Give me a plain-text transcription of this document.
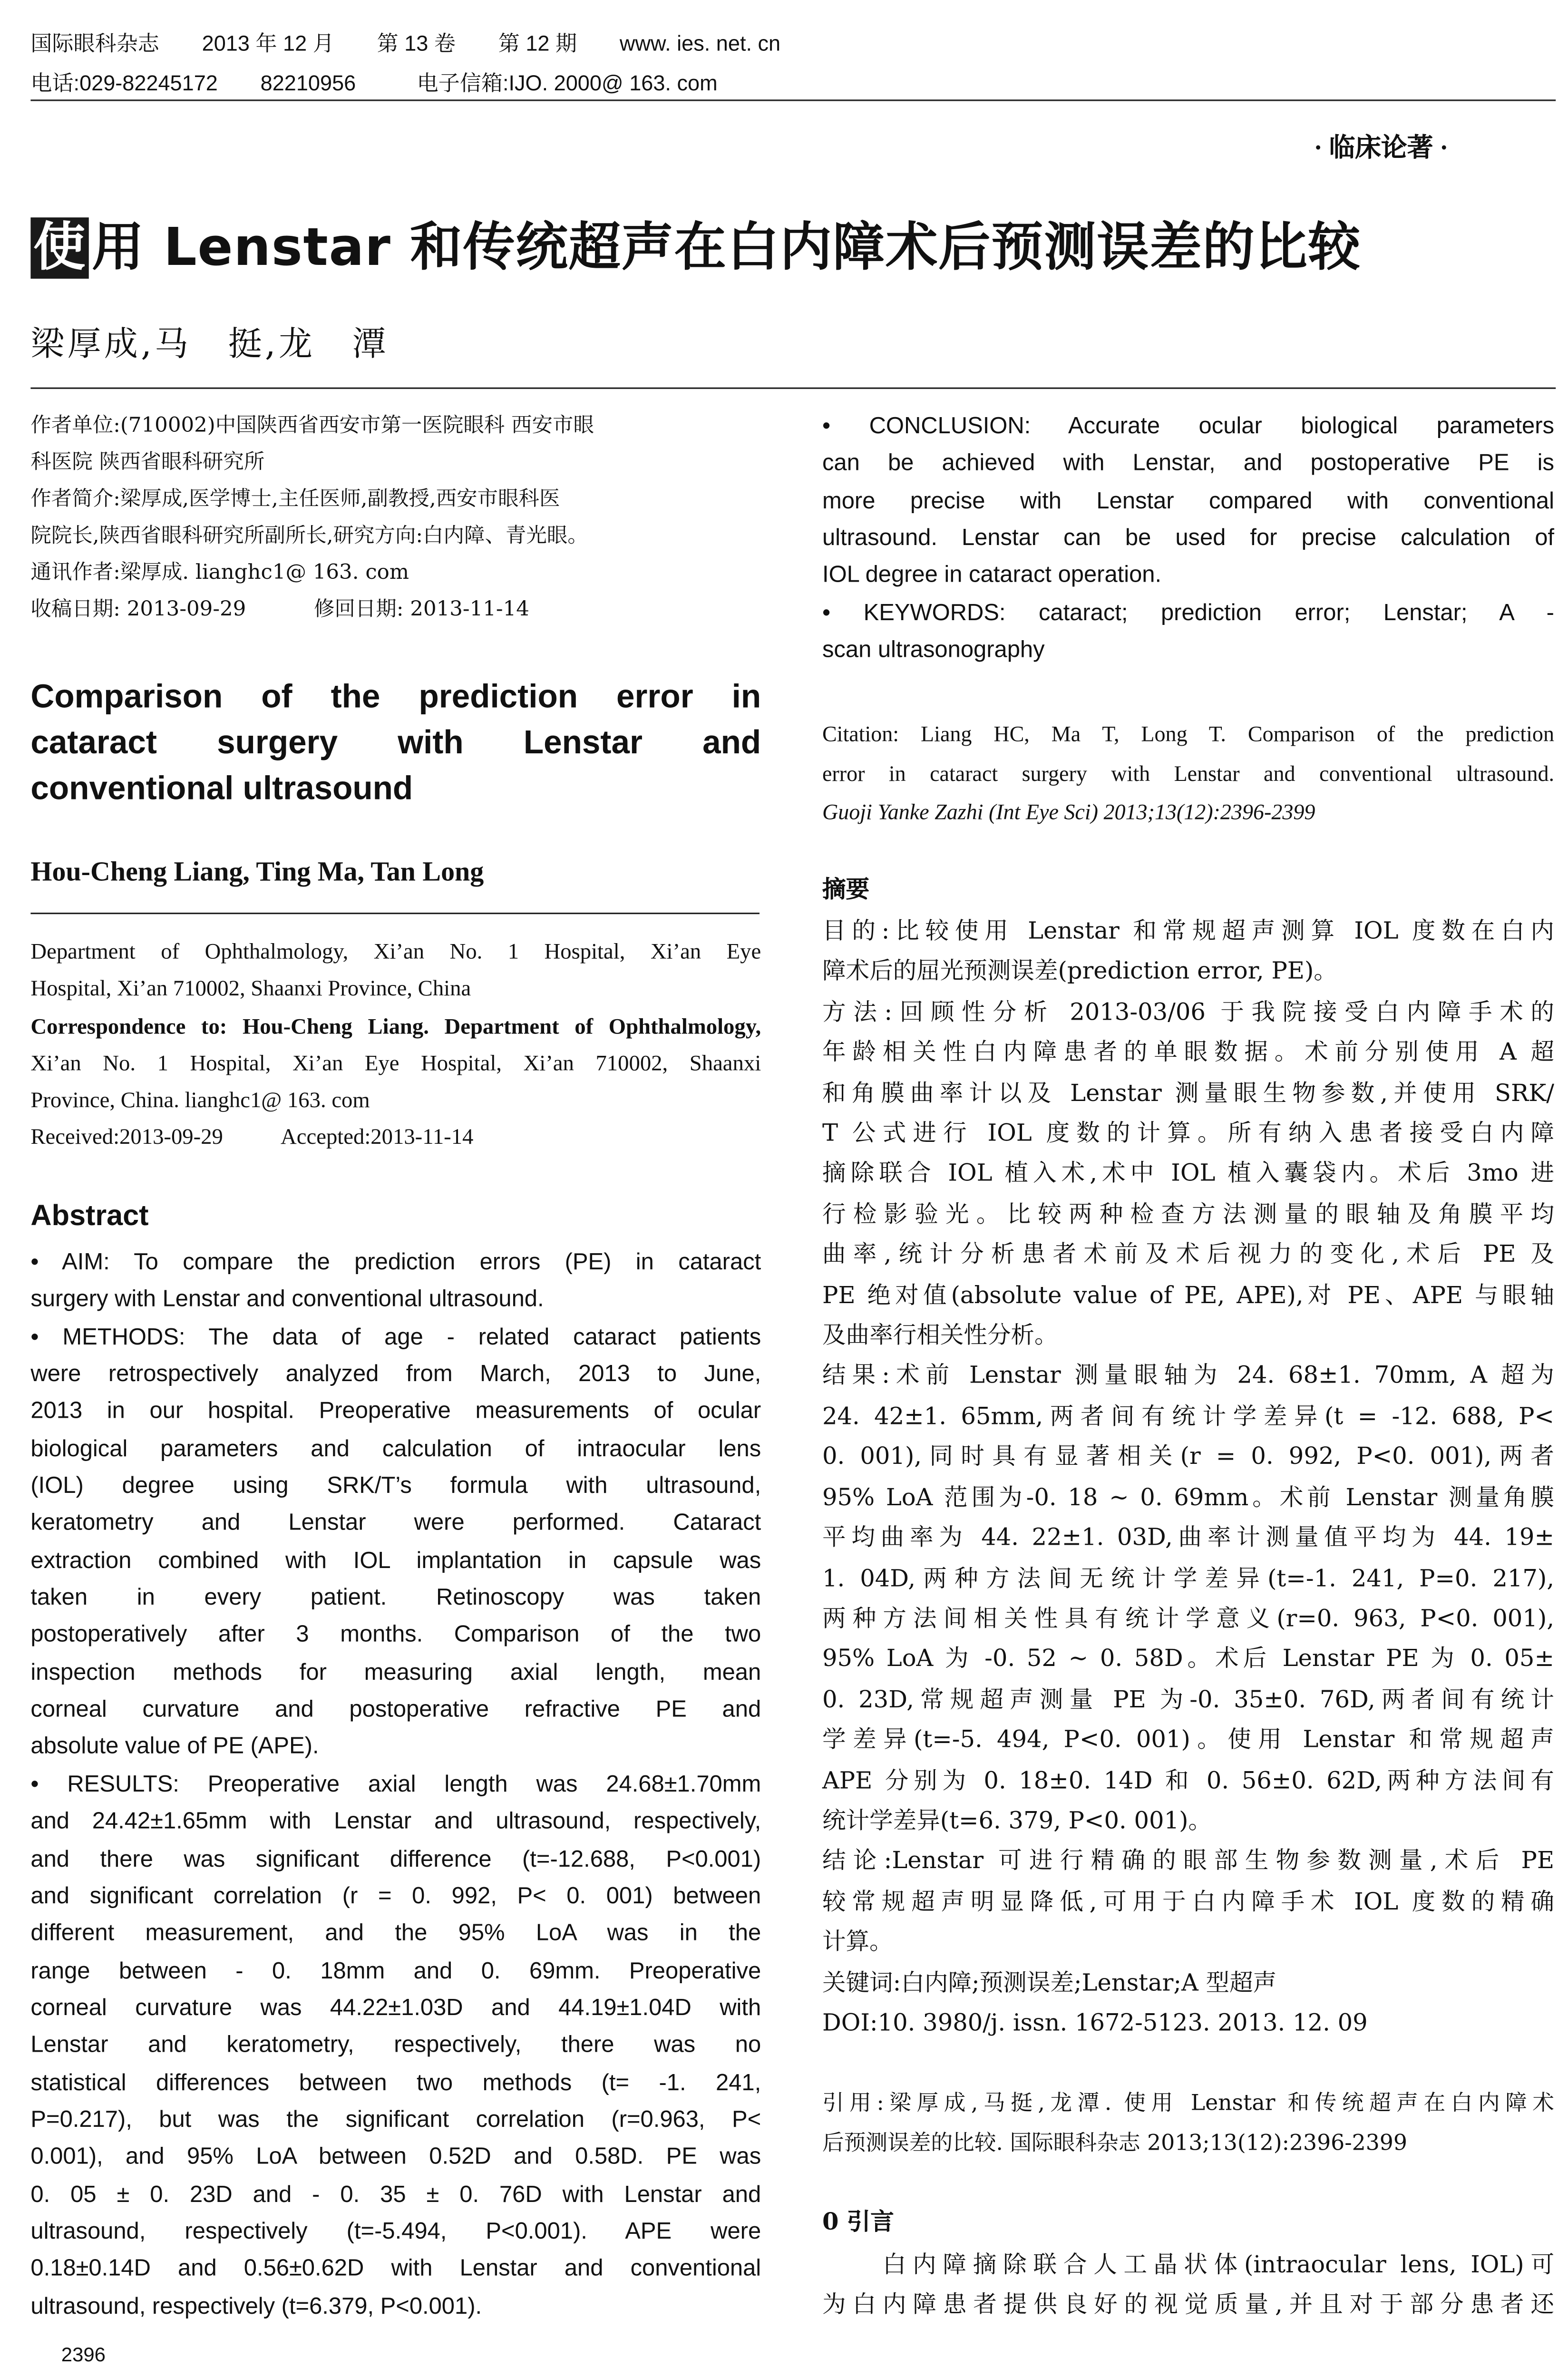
国际眼科杂志	2013 年 12 月	第 13 卷	第 12 期	www. ies. net. cn
电话:029-82245172	82210956	电子信箱:IJO. 2000@ 163. com
· 临床论著 ·
使 用 Lenstar 和传统超声在白内障术后预测误差的比较
梁厚成,马　挺,龙　潭
作者单位:(710002)中国陕西省西安市第一医院眼科 西安市眼
科医院 陕西省眼科研究所
作者简介:梁厚成,医学博士,主任医师,副教授,西安市眼科医
院院长,陕西省眼科研究所副所长,研究方向:白内障、青光眼。
通讯作者:梁厚成. lianghc1@ 163. com
收稿日期: 2013-09-29	修回日期: 2013-11-14
Comparison of the prediction error in
cataract surgery with Lenstar and
conventional ultrasound
Hou-Cheng Liang, Ting Ma, Tan Long
Department of Ophthalmology, Xi’an No. 1 Hospital, Xi’an Eye
Hospital, Xi’an 710002, Shaanxi Province, China
Correspondence to: Hou-Cheng Liang. Department of Ophthalmology,
Xi’an No. 1 Hospital, Xi’an Eye Hospital, Xi’an 710002, Shaanxi
Province, China. lianghc1@ 163. com
Received:2013-09-29	Accepted:2013-11-14
Abstract
• AIM: To compare the prediction errors (PE) in cataract
surgery with Lenstar and conventional ultrasound.
• METHODS: The data of age - related cataract patients
were retrospectively analyzed from March, 2013 to June,
2013 in our hospital. Preoperative measurements of ocular
biological parameters and calculation of intraocular lens
(IOL) degree using SRK/T’s formula with ultrasound,
keratometry and Lenstar were performed. Cataract
extraction combined with IOL implantation in capsule was
taken in every patient. Retinoscopy was taken
postoperatively after 3 months. Comparison of the two
inspection methods for measuring axial length, mean
corneal curvature and postoperative refractive PE and
absolute value of PE (APE).
• RESULTS: Preoperative axial length was 24.68±1.70mm
and 24.42±1.65mm with Lenstar and ultrasound, respectively,
and there was significant difference (t=-12.688, P<0.001)
and significant correlation (r = 0. 992, P< 0. 001) between
different measurement, and the 95% LoA was in the
range between - 0. 18mm and 0. 69mm. Preoperative
corneal curvature was 44.22±1.03D and 44.19±1.04D with
Lenstar and keratometry, respectively, there was no
statistical differences between two methods (t= -1. 241,
P=0.217), but was the significant correlation (r=0.963, P<
0.001), and 95% LoA between 0.52D and 0.58D. PE was
0. 05 ± 0. 23D and - 0. 35 ± 0. 76D with Lenstar and
ultrasound, respectively (t=-5.494, P<0.001). APE were
0.18±0.14D and 0.56±0.62D with Lenstar and conventional
ultrasound, respectively (t=6.379, P<0.001).
2396
• CONCLUSION: Accurate ocular biological parameters
can be achieved with Lenstar, and postoperative PE is
more precise with Lenstar compared with conventional
ultrasound. Lenstar can be used for precise calculation of
IOL degree in cataract operation.
• KEYWORDS: cataract; prediction error; Lenstar; A -
scan ultrasonography
Citation: Liang HC, Ma T, Long T. Comparison of the prediction
error in cataract surgery with Lenstar and conventional ultrasound.
Guoji Yanke Zazhi (Int Eye Sci) 2013;13(12):2396-2399
摘要
目的:比较使用 Lenstar 和常规超声测算 IOL 度数在白内
障术后的屈光预测误差(prediction error, PE)。
方法:回顾性分析 2013-03/06 于我院接受白内障手术的
年龄相关性白内障患者的单眼数据。术前分别使用 A 超
和角膜曲率计以及 Lenstar 测量眼生物参数,并使用 SRK/
T 公式进行 IOL 度数的计算。所有纳入患者接受白内障
摘除联合 IOL 植入术,术中 IOL 植入囊袋内。术后 3mo 进
行检影验光。比较两种检查方法测量的眼轴及角膜平均
曲率,统计分析患者术前及术后视力的变化,术后 PE 及
PE 绝对值(absolute value of PE, APE),对 PE、APE 与眼轴
及曲率行相关性分析。
结果:术前 Lenstar 测量眼轴为 24. 68±1. 70mm, A 超为
24. 42±1. 65mm,两者间有统计学差异(t = -12. 688, P<
0. 001),同时具有显著相关(r = 0. 992, P<0. 001),两者
95% LoA 范围为-0. 18 ~ 0. 69mm。术前 Lenstar 测量角膜
平均曲率为 44. 22±1. 03D,曲率计测量值平均为 44. 19±
1. 04D,两种方法间无统计学差异(t=-1. 241, P=0. 217),
两种方法间相关性具有统计学意义(r=0. 963, P<0. 001),
95% LoA 为 -0. 52 ~ 0. 58D。术后 Lenstar PE 为 0. 05±
0. 23D,常规超声测量 PE 为-0. 35±0. 76D,两者间有统计
学差异(t=-5. 494, P<0. 001)。使用 Lenstar 和常规超声
APE 分别为 0. 18±0. 14D 和 0. 56±0. 62D,两种方法间有
统计学差异(t=6. 379, P<0. 001)。
结论:Lenstar 可进行精确的眼部生物参数测量,术后 PE
较常规超声明显降低,可用于白内障手术 IOL 度数的精确
计算。
关键词:白内障;预测误差;Lenstar;A 型超声
DOI:10. 3980/j. issn. 1672-5123. 2013. 12. 09
引用:梁厚成,马挺,龙潭. 使用 Lenstar 和传统超声在白内障术
后预测误差的比较. 国际眼科杂志 2013;13(12):2396-2399
0 引言
　　白内障摘除联合人工晶状体(intraocular lens, IOL)可
为白内障患者提供良好的视觉质量,并且对于部分患者还
